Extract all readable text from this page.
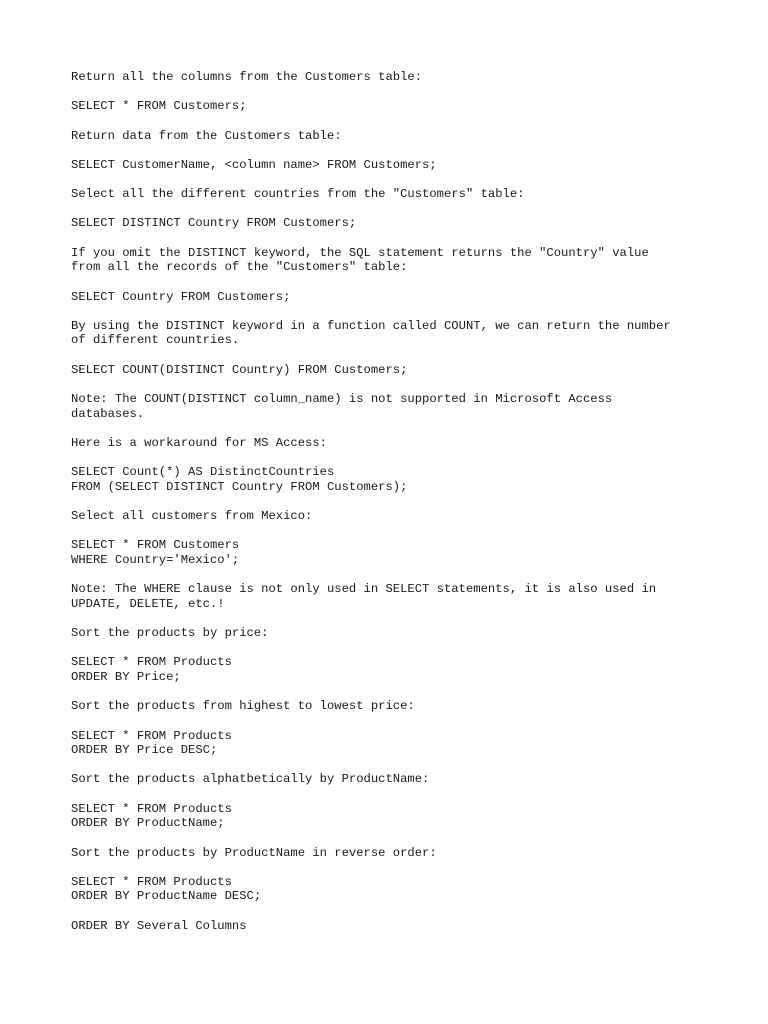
Return all the columns from the Customers table:
SELECT * FROM Customers;
Return data from the Customers table:
SELECT CustomerName, <column name> FROM Customers;
Select all the different countries from the "Customers" table:
SELECT DISTINCT Country FROM Customers;
If you omit the DISTINCT keyword, the SQL statement returns the "Country" value
from all the records of the "Customers" table:
SELECT Country FROM Customers;
By using the DISTINCT keyword in a function called COUNT, we can return the number
of different countries.
SELECT COUNT(DISTINCT Country) FROM Customers;
Note: The COUNT(DISTINCT column_name) is not supported in Microsoft Access
databases.
Here is a workaround for MS Access:
SELECT Count(*) AS DistinctCountries
FROM (SELECT DISTINCT Country FROM Customers);
Select all customers from Mexico:
SELECT * FROM Customers
WHERE Country='Mexico';
Note: The WHERE clause is not only used in SELECT statements, it is also used in
UPDATE, DELETE, etc.!
Sort the products by price:
SELECT * FROM Products
ORDER BY Price;
Sort the products from highest to lowest price:
SELECT * FROM Products
ORDER BY Price DESC;
Sort the products alphatbetically by ProductName:
SELECT * FROM Products
ORDER BY ProductName;
Sort the products by ProductName in reverse order:
SELECT * FROM Products
ORDER BY ProductName DESC;
ORDER BY Several Columns
